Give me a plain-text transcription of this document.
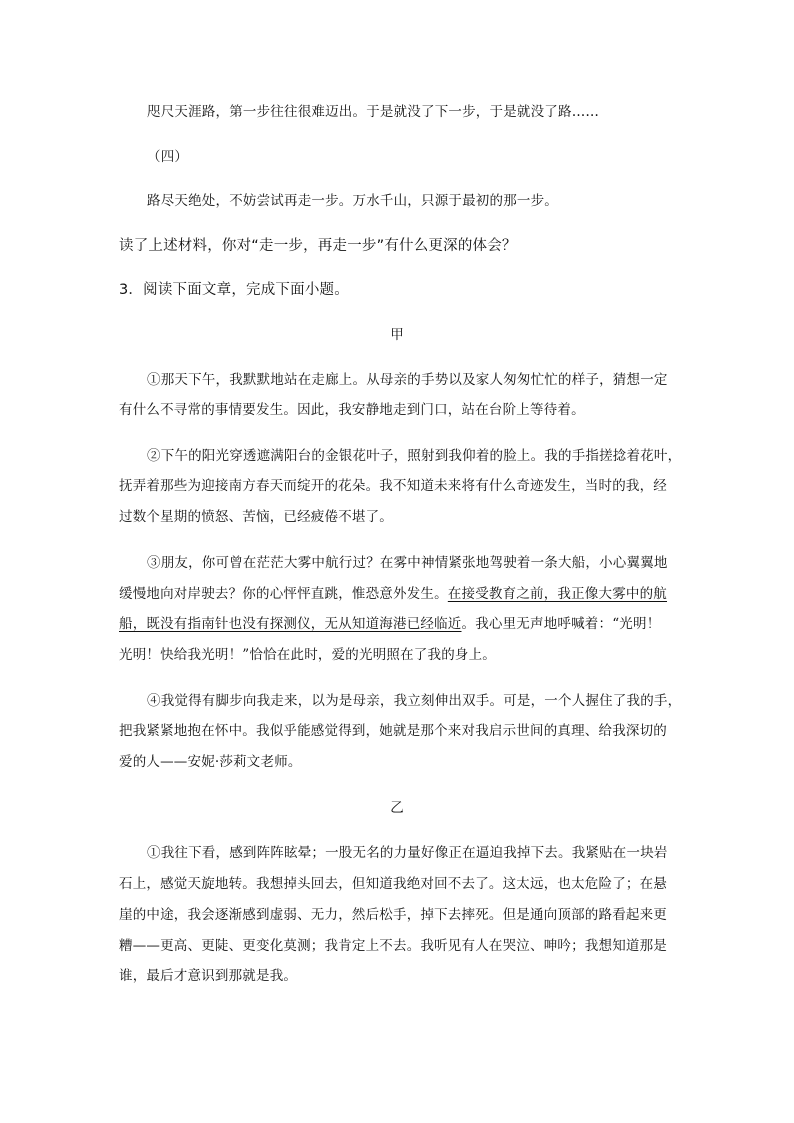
咫尺天涯路，第一步往往很难迈出。于是就没了下一步，于是就没了路……
（四）
路尽天绝处，不妨尝试再走一步。万水千山，只源于最初的那一步。
读了上述材料，你对“走一步，再走一步”有什么更深的体会？
3．阅读下面文章，完成下面小题。
甲
①那天下午，我默默地站在走廊上。从母亲的手势以及家人匆匆忙忙的样子，猜想一定
有什么不寻常的事情要发生。因此，我安静地走到门口，站在台阶上等待着。
②下午的阳光穿透遮满阳台的金银花叶子，照射到我仰着的脸上。我的手指搓捻着花叶，
抚弄着那些为迎接南方春天而绽开的花朵。我不知道未来将有什么奇迹发生，当时的我，经
过数个星期的愤怒、苦恼，已经疲倦不堪了。
③朋友，你可曾在茫茫大雾中航行过？在雾中神情紧张地驾驶着一条大船，小心翼翼地
缓慢地向对岸驶去？你的心怦怦直跳，惟恐意外发生。在接受教育之前，我正像大雾中的航
船，既没有指南针也没有探测仪，无从知道海港已经临近。我心里无声地呼喊着：“光明！
光明！快给我光明！”恰恰在此时，爱的光明照在了我的身上。
④我觉得有脚步向我走来，以为是母亲，我立刻伸出双手。可是，一个人握住了我的手，
把我紧紧地抱在怀中。我似乎能感觉得到，她就是那个来对我启示世间的真理、给我深切的
爱的人——安妮·莎莉文老师。
乙
①我往下看，感到阵阵眩晕；一股无名的力量好像正在逼迫我掉下去。我紧贴在一块岩
石上，感觉天旋地转。我想掉头回去，但知道我绝对回不去了。这太远，也太危险了；在悬
崖的中途，我会逐渐感到虚弱、无力，然后松手，掉下去摔死。但是通向顶部的路看起来更
糟——更高、更陡、更变化莫测；我肯定上不去。我听见有人在哭泣、呻吟；我想知道那是
谁，最后才意识到那就是我。
